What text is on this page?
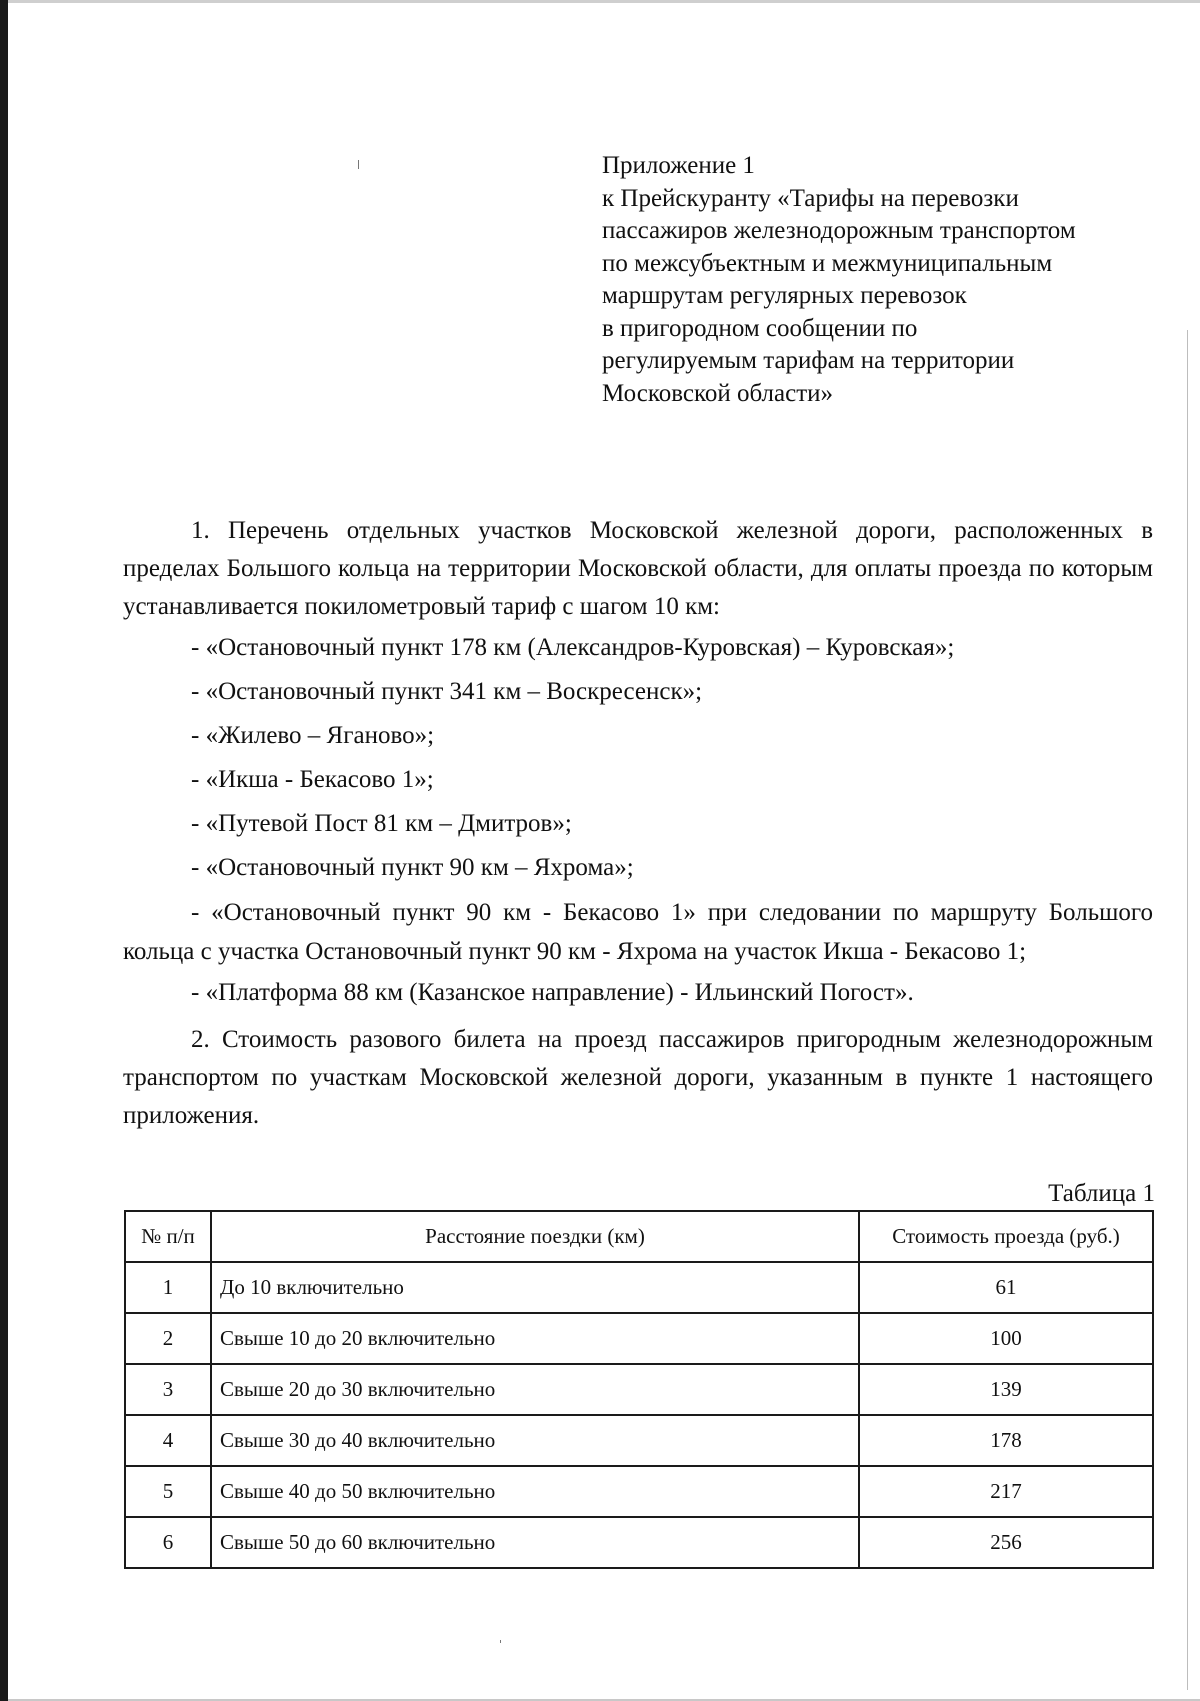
Приложение 1
к Прейскуранту «Тарифы на перевозки
пассажиров железнодорожным транспортом
по межсубъектным и межмуниципальным
маршрутам регулярных перевозок
в пригородном сообщении по
регулируемым тарифам на территории
Московской области»

1. Перечень отдельных участков Московской железной дороги, расположенных в пределах Большого кольца на территории Московской области, для оплаты проезда по которым устанавливается покилометровый тариф с шагом 10 км:

- «Остановочный пункт 178 км (Александров-Куровская) – Куровская»;

- «Остановочный пункт 341 км – Воскресенск»;

- «Жилево – Яганово»;

- «Икша - Бекасово 1»;

- «Путевой Пост 81 км – Дмитров»;

- «Остановочный пункт 90 км – Яхрома»;

- «Остановочный пункт 90 км - Бекасово 1» при следовании по маршруту Большого кольца с участка Остановочный пункт 90 км - Яхрома на участок Икша - Бекасово 1;

- «Платформа 88 км (Казанское направление) - Ильинский Погост».

2. Стоимость разового билета на проезд пассажиров пригородным железнодорожным транспортом по участкам Московской железной дороги, указанным в пункте 1 настоящего приложения.

Таблица 1
№ п/п	Расстояние поездки (км)	Стоимость проезда (руб.)
1	До 10 включительно	61
2	Свыше 10 до 20 включительно	100
3	Свыше 20 до 30 включительно	139
4	Свыше 30 до 40 включительно	178
5	Свыше 40 до 50 включительно	217
6	Свыше 50 до 60 включительно	256
